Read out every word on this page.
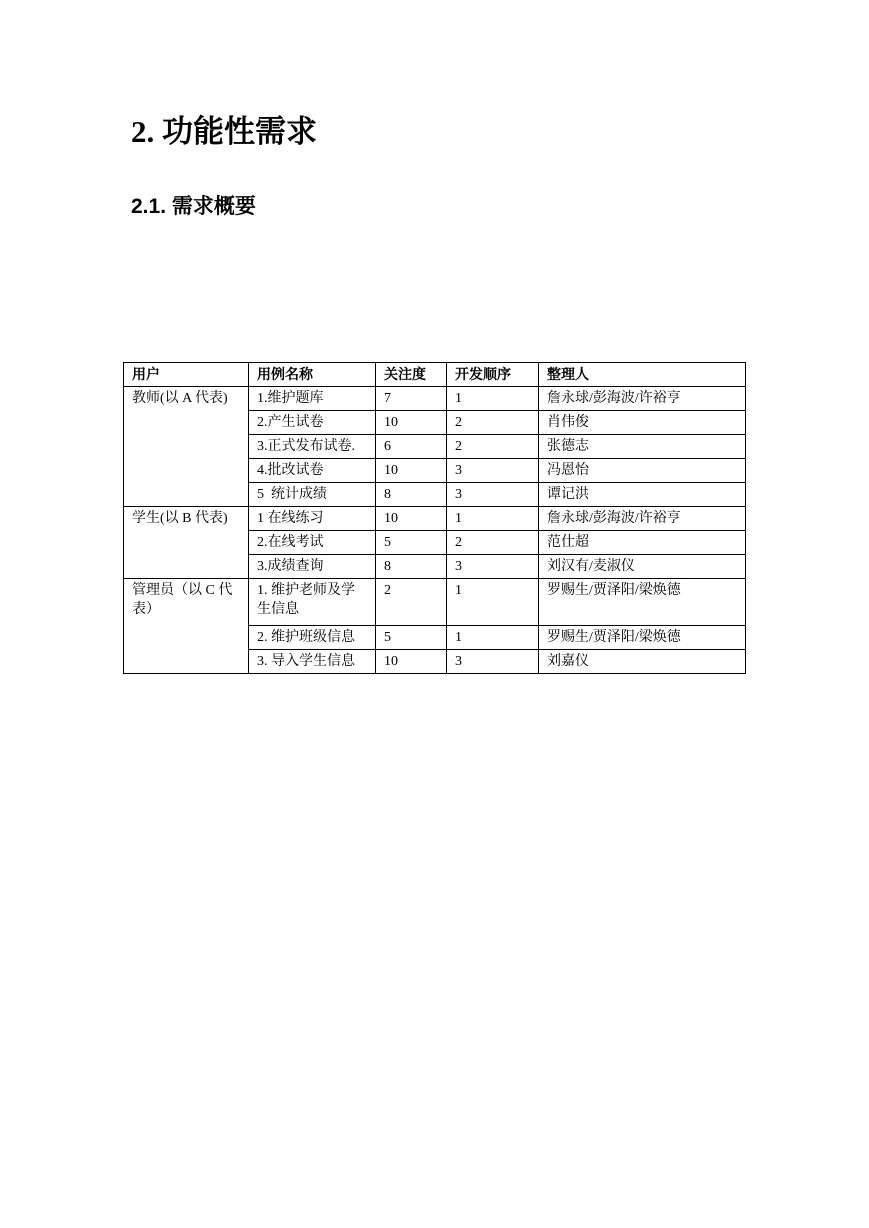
2. 功能性需求
2.1. 需求概要
用户	用例名称	关注度	开发顺序	整理人
教师(以 A 代表)	1.维护题库	7	1	詹永球/彭海波/许裕亨
	2.产生试卷	10	2	肖伟俊
	3.正式发布试卷.	6	2	张德志
	4.批改试卷	10	3	冯恩怡
	5  统计成绩	8	3	谭记洪
学生(以 B 代表)	1 在线练习	10	1	詹永球/彭海波/许裕亨
	2.在线考试	5	2	范仕超
	3.成绩查询	8	3	刘汉有/麦淑仪
管理员（以 C 代表）	1. 维护老师及学生信息	2	1	罗赐生/贾泽阳/梁焕德
	2. 维护班级信息	5	1	罗赐生/贾泽阳/梁焕德
	3. 导入学生信息	10	3	刘嘉仪
